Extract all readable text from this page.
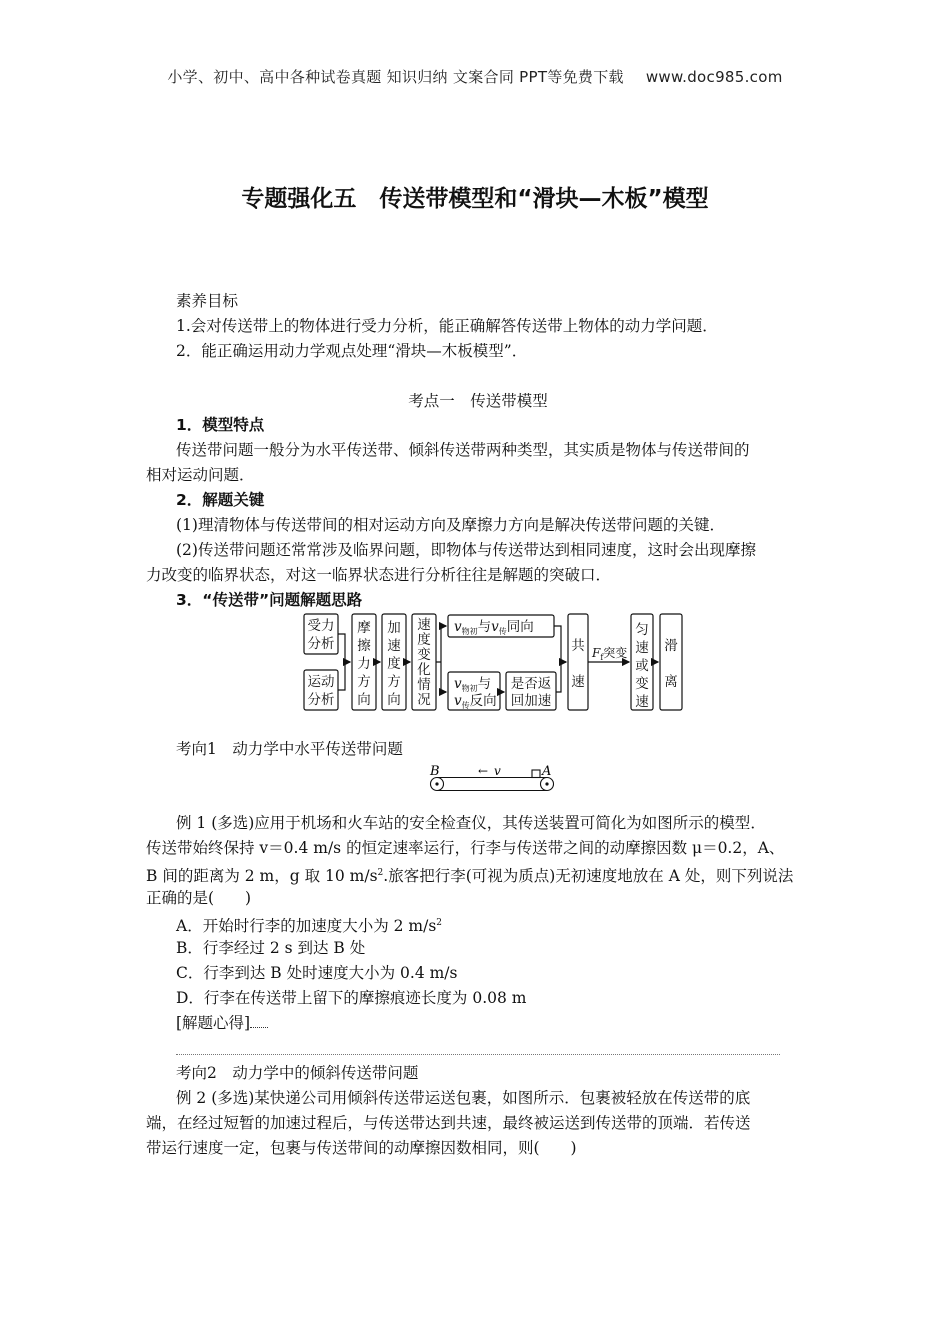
小学、初中、高中各种试卷真题 知识归纳 文案合同 PPT等免费下载 www.doc985.com
专题强化五　传送带模型和“滑块—木板”模型
素养目标
1.会对传送带上的物体进行受力分析，能正确解答传送带上物体的动力学问题．
2．能正确运用动力学观点处理“滑块—木板模型”．
考点一　传送带模型
1．模型特点
传送带问题一般分为水平传送带、倾斜传送带两种类型，其实质是物体与传送带间的
相对运动问题．
2．解题关键
(1)理清物体与传送带间的相对运动方向及摩擦力方向是解决传送带问题的关键．
(2)传送带问题还常常涉及临界问题，即物体与传送带达到相同速度，这时会出现摩擦
力改变的临界状态，对这一临界状态进行分析往往是解题的突破口．
3．“传送带”问题解题思路
受力
分析
运动
分析
摩
擦
力
方
向
加
速
度
方
向
速
度
变
化
情
况
$v_{物初}$与$v_传$同向
$v_{物初}$与
$v_传$反向
是否返
回加速
共
速
$F_f$突变
匀
速
或
变
速
滑
离
考向1　动力学中水平传送带问题
B	A
← v
例 1 (多选)应用于机场和火车站的安全检查仪，其传送装置可简化为如图所示的模型．
传送带始终保持 v＝0.4 m/s 的恒定速率运行，行李与传送带之间的动摩擦因数 μ＝0.2，A、
B 间的距离为 2 m，g 取 10 $m/s^2$.旅客把行李(可视为质点)无初速度地放在 A 处，则下列说法
正确的是(　　)
A．开始时行李的加速度大小为 2 $m/s^2$
B．行李经过 2 s 到达 B 处
C．行李到达 B 处时速度大小为 0.4 m/s
D．行李在传送带上留下的摩擦痕迹长度为 0.08 m
[解题心得]
考向2　动力学中的倾斜传送带问题
例 2 (多选)某快递公司用倾斜传送带运送包裹，如图所示．包裹被轻放在传送带的底
端，在经过短暂的加速过程后，与传送带达到共速，最终被运送到传送带的顶端．若传送
带运行速度一定，包裹与传送带间的动摩擦因数相同，则(　　)
